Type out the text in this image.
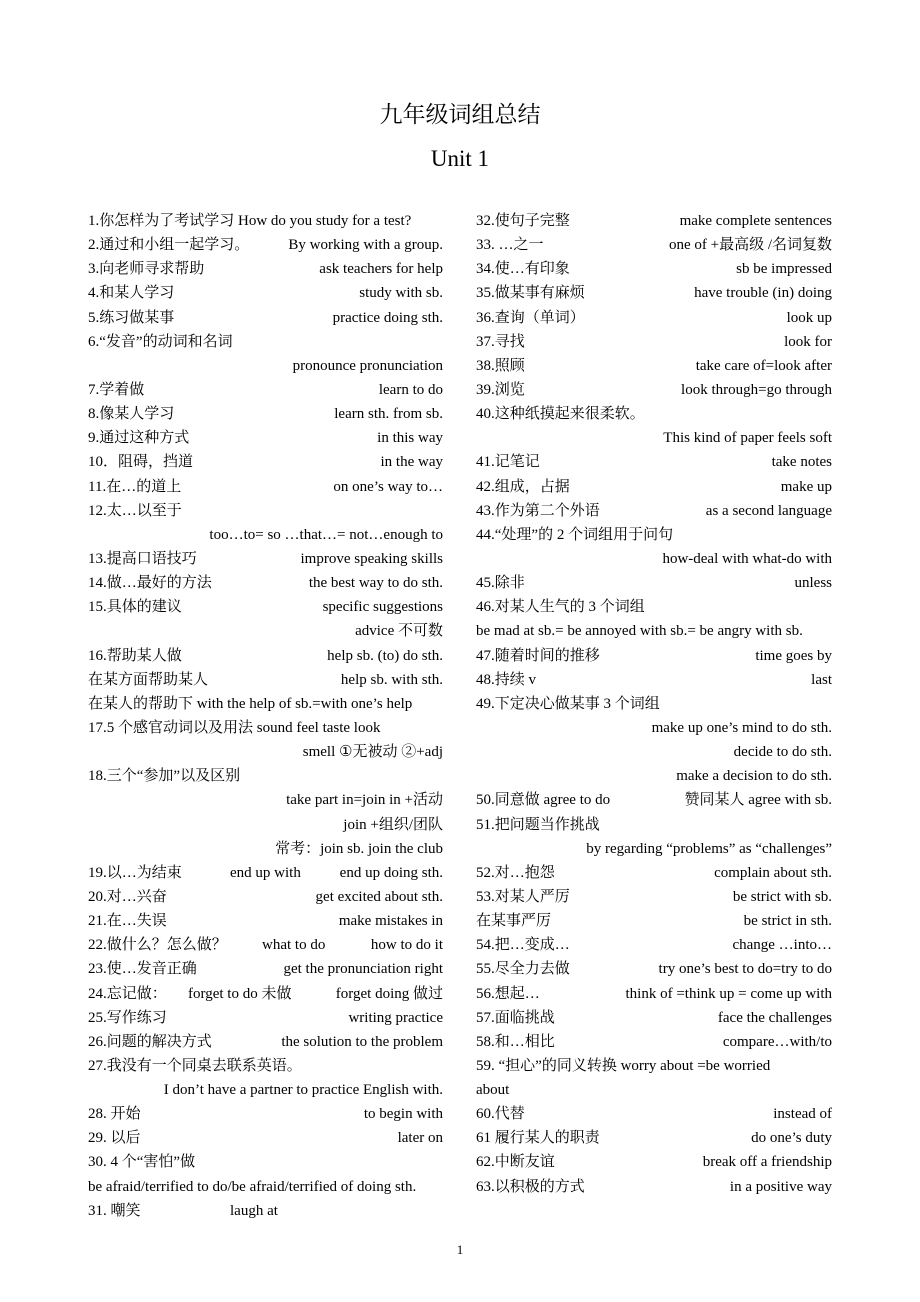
九年级词组总结
Unit 1
1.你怎样为了考试学习 How do you study for a test?
2.通过和小组一起学习。	By working with a group.
3.向老师寻求帮助	ask teachers for help
4.和某人学习	study with sb.
5.练习做某事	practice doing sth.
6.“发音”的动词和名词
pronounce pronunciation
7.学着做	learn to do
8.像某人学习	learn sth. from sb.
9.通过这种方式	in this way
10．阻碍，挡道	in the way
11.在…的道上	on one’s way to…
12.太…以至于
too…to= so …that…= not…enough to
13.提高口语技巧	improve speaking skills
14.做…最好的方法	the best way to do sth.
15.具体的建议	specific suggestions
advice 不可数
16.帮助某人做	help sb. (to) do sth.
在某方面帮助某人	help sb. with sth.
在某人的帮助下 with the help of sb.=with one’s help
17.5 个感官动词以及用法 sound feel taste look
smell ①无被动 ②+adj
18.三个“参加”以及区别
take part in=join in +活动
join +组织/团队
常考：join sb. join the club
19.以…为结束	end up with	end up doing sth.
20.对…兴奋	get excited about sth.
21.在…失误	make mistakes in
22.做什么？怎么做？ what to do	how to do it
23.使…发音正确	get the pronunciation right
24.忘记做： forget to do 未做	forget doing 做过
25.写作练习	writing practice
26.问题的解决方式	the solution to the problem
27.我没有一个同桌去联系英语。
I don’t have a partner to practice English with.
28. 开始	to begin with
29. 以后	later on
30. 4 个“害怕”做
be afraid/terrified to do/be afraid/terrified of doing sth.
31. 嘲笑	laugh at
32.使句子完整	make complete sentences
33. …之一	one of +最高级 /名词复数
34.使…有印象	sb be impressed
35.做某事有麻烦	have trouble (in) doing
36.查询（单词）	look up
37.寻找	look for
38.照顾	take care of=look after
39.浏览	look through=go through
40.这种纸摸起来很柔软。
This kind of paper feels soft
41.记笔记	take notes
42.组成，占据	make up
43.作为第二个外语	as a second language
44.“处理”的 2 个词组用于问句
how-deal with what-do with
45.除非	unless
46.对某人生气的 3 个词组
be mad at sb.= be annoyed with sb.= be angry with sb.
47.随着时间的推移	time goes by
48.持续 v	last
49.下定决心做某事 3 个词组
make up one’s mind to do sth.
decide to do sth.
make a decision to do sth.
50.同意做 agree to do	赞同某人 agree with sb.
51.把问题当作挑战
by regarding “problems” as “challenges”
52.对…抱怨	complain about sth.
53.对某人严厉	be strict with sb.
在某事严厉	be strict in sth.
54.把…变成…	change …into…
55.尽全力去做	try one’s best to do=try to do
56.想起…	think of =think up = come up with
57.面临挑战	face the challenges
58.和…相比	compare…with/to
59. “担心”的同义转换 worry about =be worried
about
60.代替	instead of
61 履行某人的职责	do one’s duty
62.中断友谊	break off a friendship
63.以积极的方式	in a positive way
1
